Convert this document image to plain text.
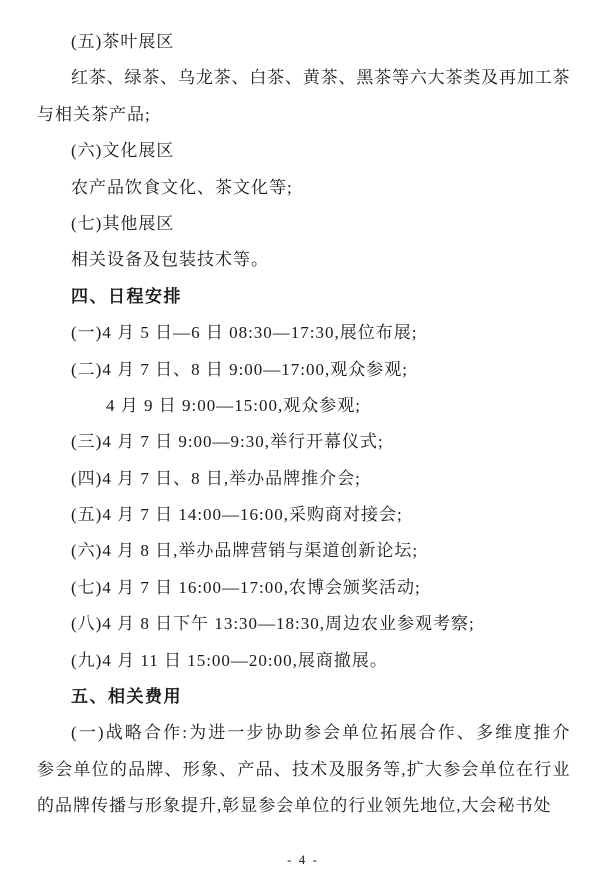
(五)茶叶展区
红茶、绿茶、乌龙茶、白茶、黄茶、黑茶等六大茶类及再加工茶
与相关茶产品;
(六)文化展区
农产品饮食文化、茶文化等;
(七)其他展区
相关设备及包装技术等。
四、日程安排
(一)4 月 5 日—6 日 08:30—17:30,展位布展;
(二)4 月 7 日、8 日 9:00—17:00,观众参观;
4 月 9 日 9:00—15:00,观众参观;
(三)4 月 7 日 9:00—9:30,举行开幕仪式;
(四)4 月 7 日、8 日,举办品牌推介会;
(五)4 月 7 日 14:00—16:00,采购商对接会;
(六)4 月 8 日,举办品牌营销与渠道创新论坛;
(七)4 月 7 日 16:00—17:00,农博会颁奖活动;
(八)4 月 8 日下午 13:30—18:30,周边农业参观考察;
(九)4 月 11 日 15:00—20:00,展商撤展。
五、相关费用
(一)战略合作:为进一步协助参会单位拓展合作、多维度推介
参会单位的品牌、形象、产品、技术及服务等,扩大参会单位在行业
的品牌传播与形象提升,彰显参会单位的行业领先地位,大会秘书处
- 4 -
